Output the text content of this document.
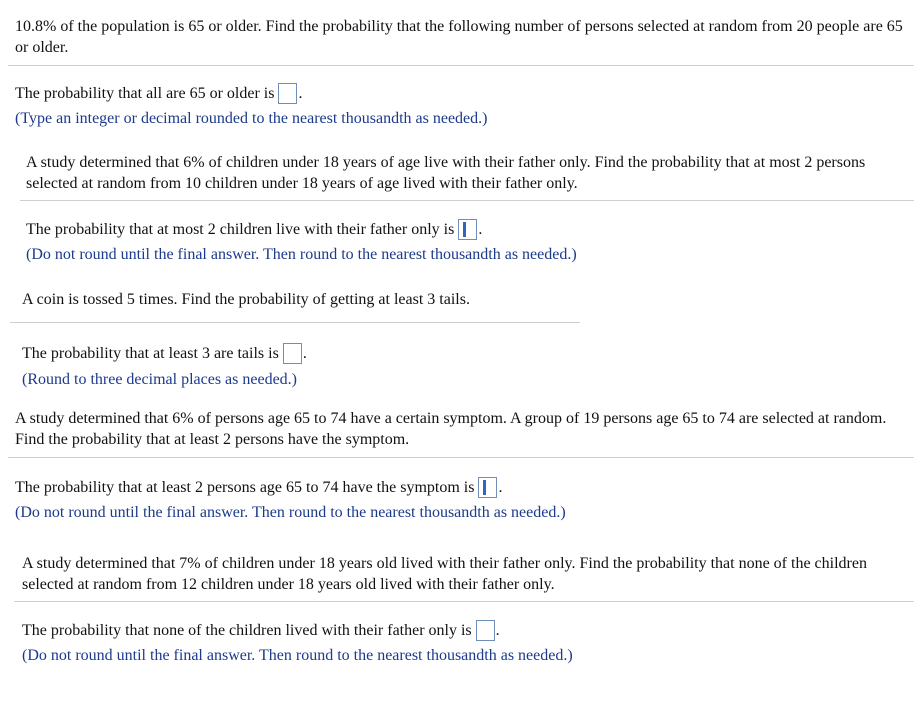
10.8% of the population is 65 or older. Find the probability that the following number of persons selected at random from 20 people are 65 or older.
The probability that all are 65 or older is .
(Type an integer or decimal rounded to the nearest thousandth as needed.)
A study determined that 6% of children under 18 years of age live with their father only. Find the probability that at most 2 persons selected at random from 10 children under 18 years of age lived with their father only.
The probability that at most 2 children live with their father only is .
(Do not round until the final answer. Then round to the nearest thousandth as needed.)
A coin is tossed 5 times. Find the probability of getting at least 3 tails.
The probability that at least 3 are tails is .
(Round to three decimal places as needed.)
A study determined that 6% of persons age 65 to 74 have a certain symptom. A group of 19 persons age 65 to 74 are selected at random. Find the probability that at least 2 persons have the symptom.
The probability that at least 2 persons age 65 to 74 have the symptom is .
(Do not round until the final answer. Then round to the nearest thousandth as needed.)
A study determined that 7% of children under 18 years old lived with their father only. Find the probability that none of the children selected at random from 12 children under 18 years old lived with their father only.
The probability that none of the children lived with their father only is .
(Do not round until the final answer. Then round to the nearest thousandth as needed.)
